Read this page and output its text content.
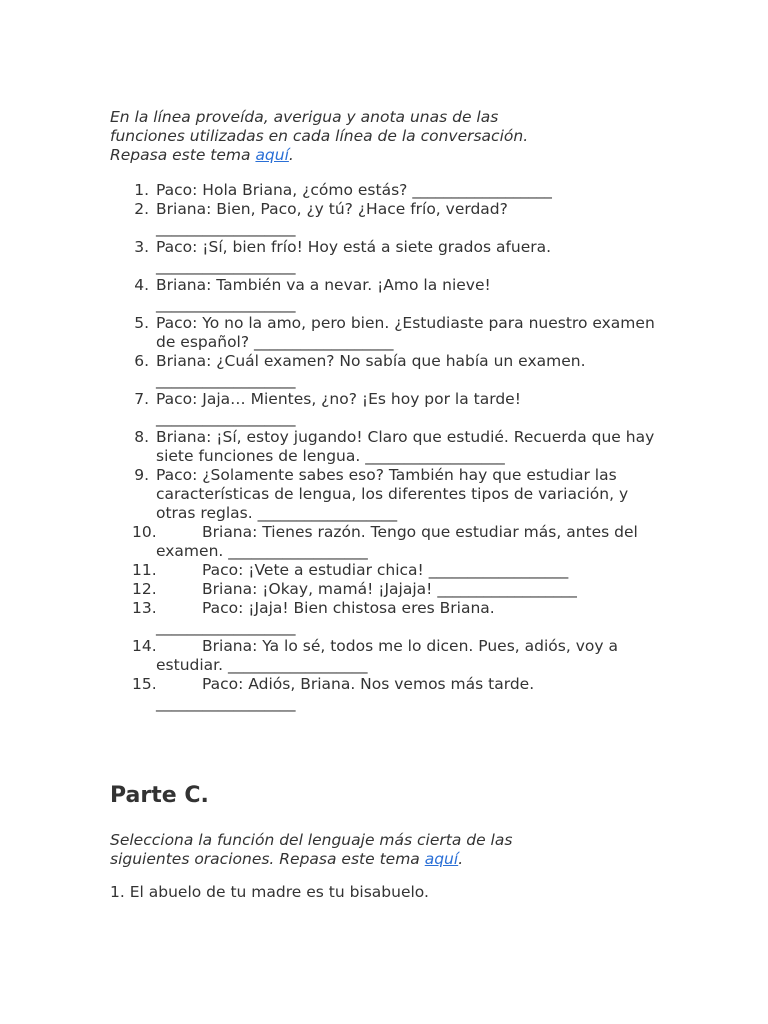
En la línea proveída, averigua y anota unas de las funciones utilizadas en cada línea de la conversación. Repasa este tema aquí.

1. Paco: Hola Briana, ¿cómo estás? __________________
2. Briana: Bien, Paco, ¿y tú? ¿Hace frío, verdad?
__________________
3. Paco: ¡Sí, bien frío! Hoy está a siete grados afuera.
__________________
4. Briana: También va a nevar. ¡Amo la nieve!
__________________
5. Paco: Yo no la amo, pero bien. ¿Estudiaste para nuestro examen de español? __________________
6. Briana: ¿Cuál examen? No sabía que había un examen.
__________________
7. Paco: Jaja… Mientes, ¿no? ¡Es hoy por la tarde!
__________________
8. Briana: ¡Sí, estoy jugando! Claro que estudié. Recuerda que hay siete funciones de lengua. __________________
9. Paco: ¿Solamente sabes eso? También hay que estudiar las características de lengua, los diferentes tipos de variación, y otras reglas. __________________
10.	Briana: Tienes razón. Tengo que estudiar más, antes del examen. __________________
11.	Paco: ¡Vete a estudiar chica! __________________
12.	Briana: ¡Okay, mamá! ¡Jajaja! __________________
13.	Paco: ¡Jaja! Bien chistosa eres Briana.
__________________
14.	Briana: Ya lo sé, todos me lo dicen. Pues, adiós, voy a estudiar. __________________
15.	Paco: Adiós, Briana. Nos vemos más tarde.
__________________
Parte C.

Selecciona la función del lenguaje más cierta de las siguientes oraciones. Repasa este tema aquí.

1. El abuelo de tu madre es tu bisabuelo.
